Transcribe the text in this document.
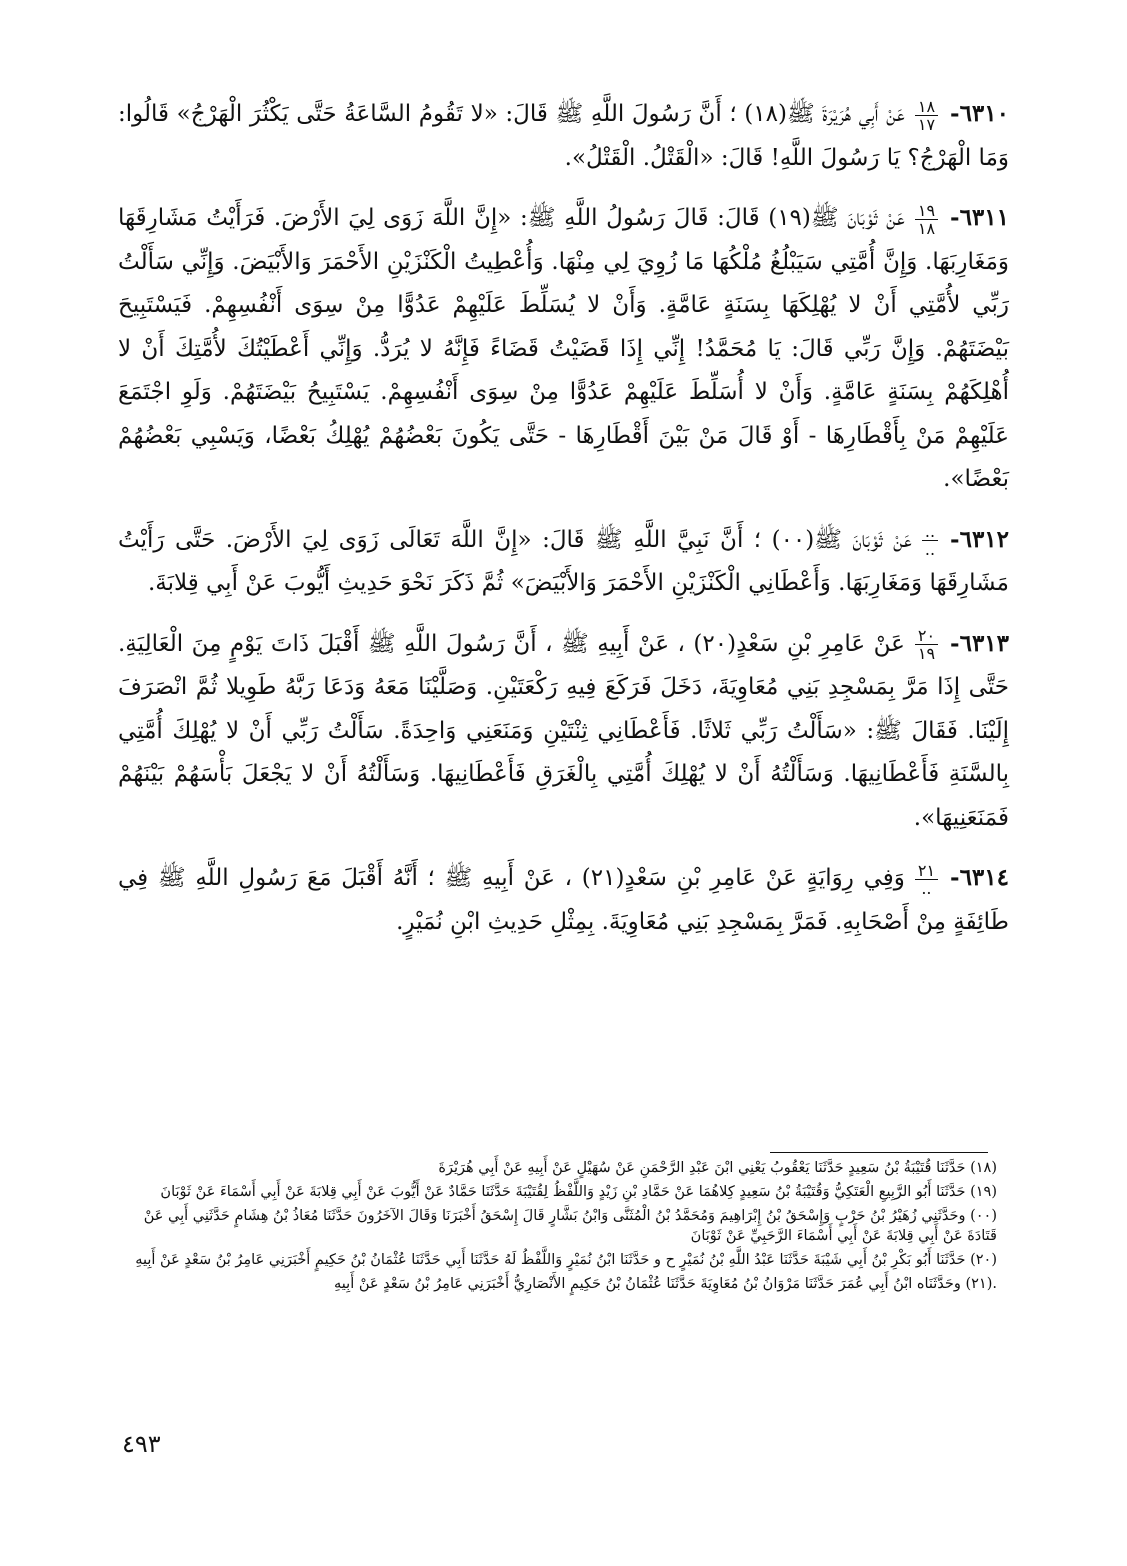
٦٣١٠-
$\frac{١٨}{١٧}$
عَنْ أَبِي هُرَيْرَةَ ﷺ(١٨) ؛ أَنَّ رَسُولَ اللَّهِ ﷺ قَالَ: «لا تَقُومُ السَّاعَةُ حَتَّى يَكْثُرَ الْهَرْجُ» قَالُوا: وَمَا الْهَرْجُ؟ يَا رَسُولَ اللَّهِ! قَالَ: «الْقَتْلُ. الْقَتْلُ».

٦٣١١-
$\frac{١٩}{١٨}$
عَنْ ثَوْبَانَ ﷺ(١٩) قَالَ: قَالَ رَسُولُ اللَّهِ ﷺ: «إِنَّ اللَّهَ زَوَى لِيَ الأَرْضَ. فَرَأَيْتُ مَشَارِقَهَا وَمَغَارِبَهَا. وَإِنَّ أُمَّتِي سَيَبْلُغُ مُلْكُهَا مَا زُوِيَ لِي مِنْهَا. وَأُعْطِيتُ الْكَنْزَيْنِ الأَحْمَرَ وَالأَبْيَضَ. وَإِنِّي سَأَلْتُ رَبِّي لأُمَّتِي أَنْ لا يُهْلِكَهَا بِسَنَةٍ عَامَّةٍ. وَأَنْ لا يُسَلِّطَ عَلَيْهِمْ عَدُوًّا مِنْ سِوَى أَنْفُسِهِمْ. فَيَسْتَبِيحَ بَيْضَتَهُمْ. وَإِنَّ رَبِّي قَالَ: يَا مُحَمَّدُ! إِنِّي إِذَا قَضَيْتُ قَضَاءً فَإِنَّهُ لا يُرَدُّ. وَإِنِّي أَعْطَيْتُكَ لأُمَّتِكَ أَنْ لا أُهْلِكَهُمْ بِسَنَةٍ عَامَّةٍ. وَأَنْ لا أُسَلِّطَ عَلَيْهِمْ عَدُوًّا مِنْ سِوَى أَنْفُسِهِمْ. يَسْتَبِيحُ بَيْضَتَهُمْ. وَلَوِ اجْتَمَعَ عَلَيْهِمْ مَنْ بِأَقْطَارِهَا - أَوْ قَالَ مَنْ بَيْنَ أَقْطَارِهَا - حَتَّى يَكُونَ بَعْضُهُمْ يُهْلِكُ بَعْضًا، وَيَسْبِي بَعْضُهُمْ بَعْضًا».

٦٣١٢-
$\frac{..}{..}$
عَنْ ثَوْبَانَ ﷺ(٠٠) ؛ أَنَّ نَبِيَّ اللَّهِ ﷺ قَالَ: «إِنَّ اللَّهَ تَعَالَى زَوَى لِيَ الأَرْضَ. حَتَّى رَأَيْتُ مَشَارِقَهَا وَمَغَارِبَهَا. وَأَعْطَانِي الْكَنْزَيْنِ الأَحْمَرَ وَالأَبْيَضَ» ثُمَّ ذَكَرَ نَحْوَ حَدِيثِ أَيُّوبَ عَنْ أَبِي قِلابَةَ.

٦٣١٣-
$\frac{٢٠}{١٩}$
عَنْ عَامِرِ بْنِ سَعْدٍ(٢٠) ، عَنْ أَبِيهِ ﷺ ، أَنَّ رَسُولَ اللَّهِ ﷺ أَقْبَلَ ذَاتَ يَوْمٍ مِنَ الْعَالِيَةِ. حَتَّى إِذَا مَرَّ بِمَسْجِدِ بَنِي مُعَاوِيَةَ، دَخَلَ فَرَكَعَ فِيهِ رَكْعَتَيْنِ. وَصَلَّيْنَا مَعَهُ وَدَعَا رَبَّهُ طَوِيلا ثُمَّ انْصَرَفَ إِلَيْنَا. فَقَالَ ﷺ: «سَأَلْتُ رَبِّي ثَلاثًا. فَأَعْطَانِي ثِنْتَيْنِ وَمَنَعَنِي وَاحِدَةً. سَأَلْتُ رَبِّي أَنْ لا يُهْلِكَ أُمَّتِي بِالسَّنَةِ فَأَعْطَانِيهَا. وَسَأَلْتُهُ أَنْ لا يُهْلِكَ أُمَّتِي بِالْغَرَقِ فَأَعْطَانِيهَا. وَسَأَلْتُهُ أَنْ لا يَجْعَلَ بَأْسَهُمْ بَيْنَهُمْ فَمَنَعَنِيهَا».

٦٣١٤-
$\frac{٢١}{..}$
وَفِي رِوَايَةٍ عَنْ عَامِرِ بْنِ سَعْدٍ(٢١) ، عَنْ أَبِيهِ ﷺ ؛ أَنَّهُ أَقْبَلَ مَعَ رَسُولِ اللَّهِ ﷺ فِي طَائِفَةٍ مِنْ أَصْحَابِهِ. فَمَرَّ بِمَسْجِدِ بَنِي مُعَاوِيَةَ. بِمِثْلِ حَدِيثِ ابْنِ نُمَيْرٍ.

(١٨) حَدَّثَنَا قُتَيْبَةُ بْنُ سَعِيدٍ حَدَّثَنَا يَعْقُوبُ يَعْنِي ابْنَ عَبْدِ الرَّحْمَنِ عَنْ سُهَيْلٍ عَنْ أَبِيهِ عَنْ أَبِي هُرَيْرَةَ

(١٩) حَدَّثَنَا أَبُو الرَّبِيعِ الْعَتَكِيُّ وَقُتَيْبَةُ بْنُ سَعِيدٍ كِلاهُمَا عَنْ حَمَّادِ بْنِ زَيْدٍ وَاللَّفْظُ لِقُتَيْبَةَ حَدَّثَنَا حَمَّادٌ عَنْ أَيُّوبَ عَنْ أَبِي قِلابَةَ عَنْ أَبِي أَسْمَاءَ عَنْ ثَوْبَانَ

(٠٠) وحَدَّثَنِي زُهَيْرُ بْنُ حَرْبٍ وَإِسْحَقُ بْنُ إِبْرَاهِيمَ وَمُحَمَّدُ بْنُ الْمُثَنَّى وَابْنُ بَشَّارٍ قَالَ إِسْحَقُ أَخْبَرَنَا وَقَالَ الآخَرُونَ حَدَّثَنَا مُعَاذُ بْنُ هِشَامٍ حَدَّثَنِي أَبِي عَنْ قَتَادَةَ عَنْ أَبِي قِلابَةَ عَنْ أَبِي أَسْمَاءَ الرَّحَبِيِّ عَنْ ثَوْبَانَ

(٢٠) حَدَّثَنَا أَبُو بَكْرِ بْنُ أَبِي شَيْبَةَ حَدَّثَنَا عَبْدُ اللَّهِ بْنُ نُمَيْرٍ ح و حَدَّثَنَا ابْنُ نُمَيْرٍ وَاللَّفْظُ لَهُ حَدَّثَنَا أَبِي حَدَّثَنَا عُثْمَانُ بْنُ حَكِيمٍ أَخْبَرَنِي عَامِرُ بْنُ سَعْدٍ عَنْ أَبِيهِ

.(٢١) وحَدَّثَنَاه ابْنُ أَبِي عُمَرَ حَدَّثَنَا مَرْوَانُ بْنُ مُعَاوِيَةَ حَدَّثَنَا عُثْمَانُ بْنُ حَكِيمٍ الأَنْصَارِيُّ أَخْبَرَنِي عَامِرُ بْنُ سَعْدٍ عَنْ أَبِيهِ

٤٩٣
